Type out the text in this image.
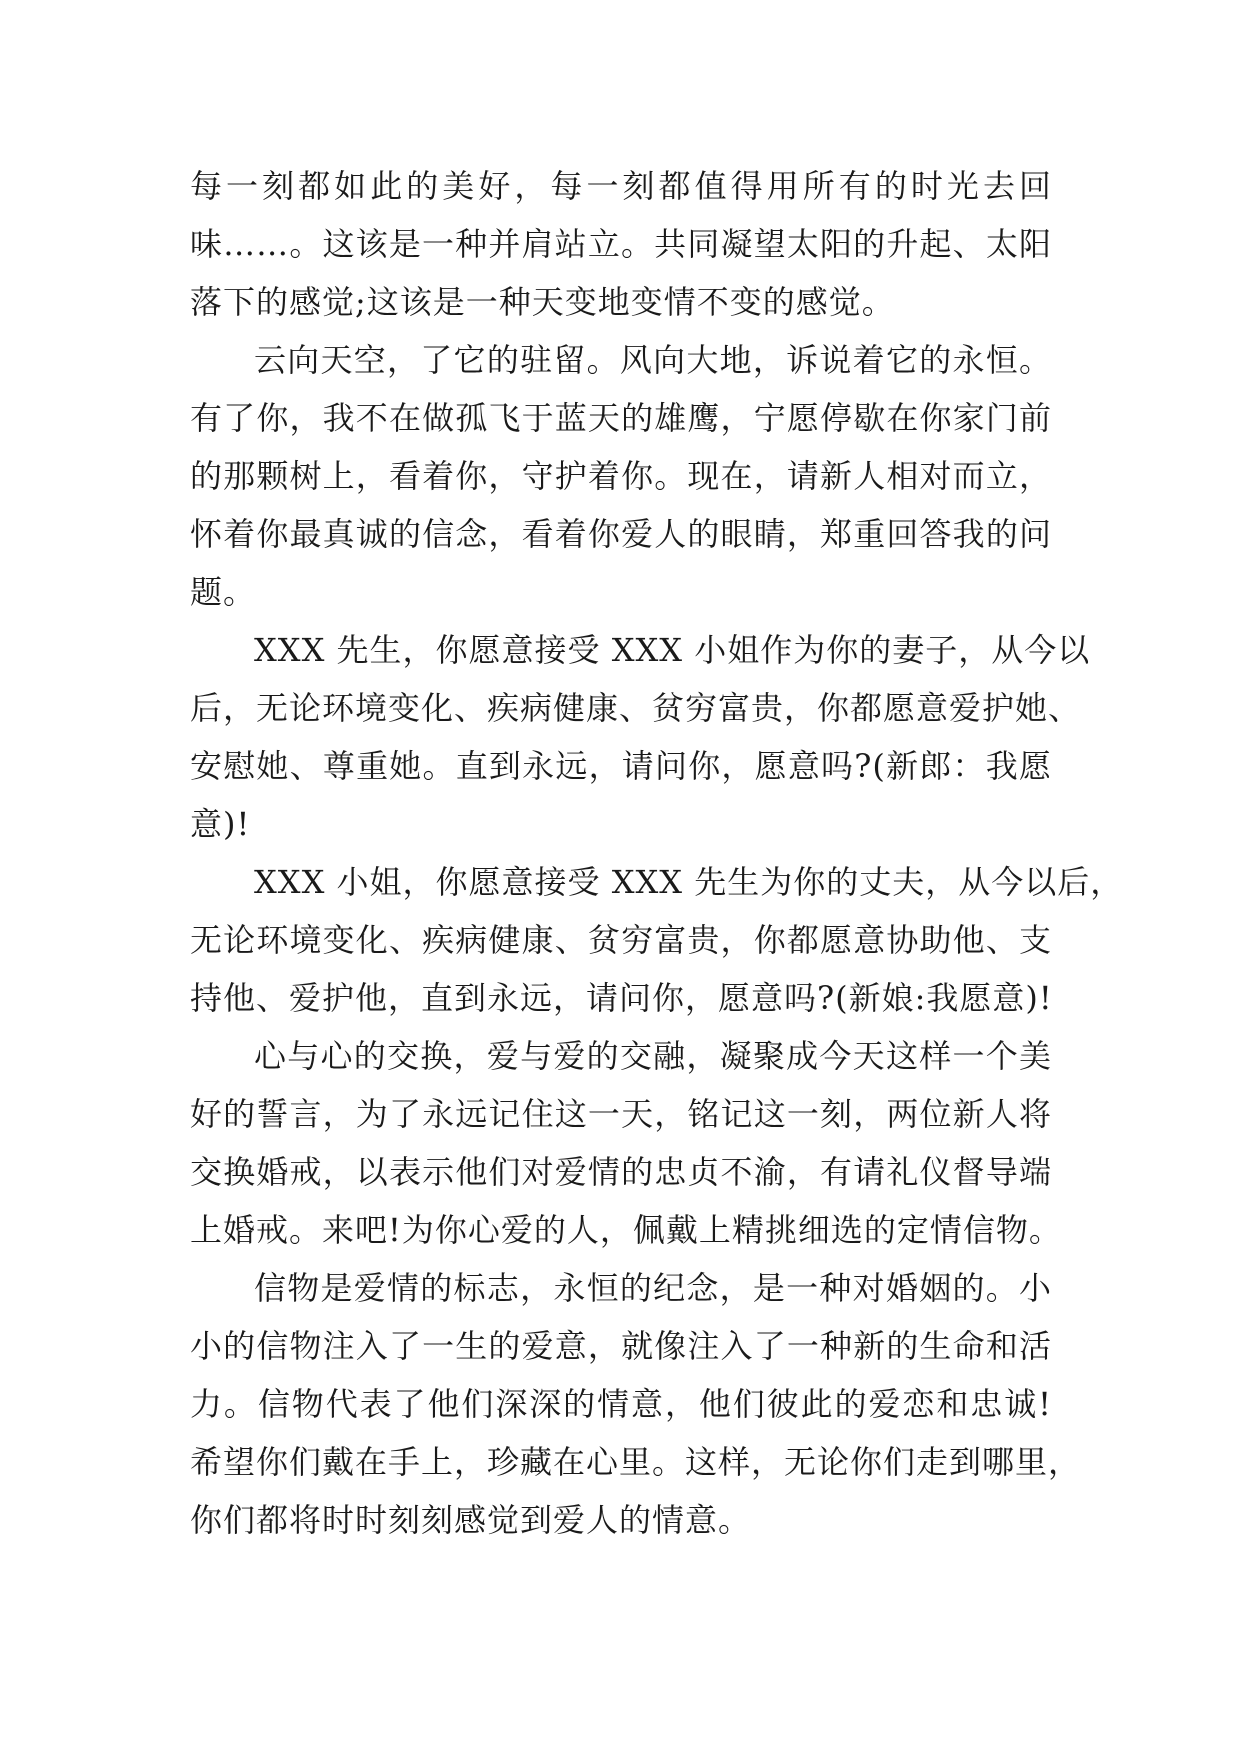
每一刻都如此的美好，每一刻都值得用所有的时光去回
味……。这该是一种并肩站立。共同凝望太阳的升起、太阳
落下的感觉;这该是一种天变地变情不变的感觉。
云向天空，了它的驻留。风向大地，诉说着它的永恒。
有了你，我不在做孤飞于蓝天的雄鹰，宁愿停歇在你家门前
的那颗树上，看着你，守护着你。现在，请新人相对而立，
怀着你最真诚的信念，看着你爱人的眼睛，郑重回答我的问
题。
XXX 先生，你愿意接受 XXX 小姐作为你的妻子，从今以
后，无论环境变化、疾病健康、贫穷富贵，你都愿意爱护她、
安慰她、尊重她。直到永远，请问你，愿意吗?(新郎：我愿
意)!
XXX 小姐，你愿意接受 XXX 先生为你的丈夫，从今以后，
无论环境变化、疾病健康、贫穷富贵，你都愿意协助他、支
持他、爱护他，直到永远，请问你，愿意吗?(新娘:我愿意)!
心与心的交换，爱与爱的交融，凝聚成今天这样一个美
好的誓言，为了永远记住这一天，铭记这一刻，两位新人将
交换婚戒，以表示他们对爱情的忠贞不渝，有请礼仪督导端
上婚戒。来吧!为你心爱的人，佩戴上精挑细选的定情信物。
信物是爱情的标志，永恒的纪念，是一种对婚姻的。小
小的信物注入了一生的爱意，就像注入了一种新的生命和活
力。信物代表了他们深深的情意，他们彼此的爱恋和忠诚!
希望你们戴在手上，珍藏在心里。这样，无论你们走到哪里，
你们都将时时刻刻感觉到爱人的情意。
